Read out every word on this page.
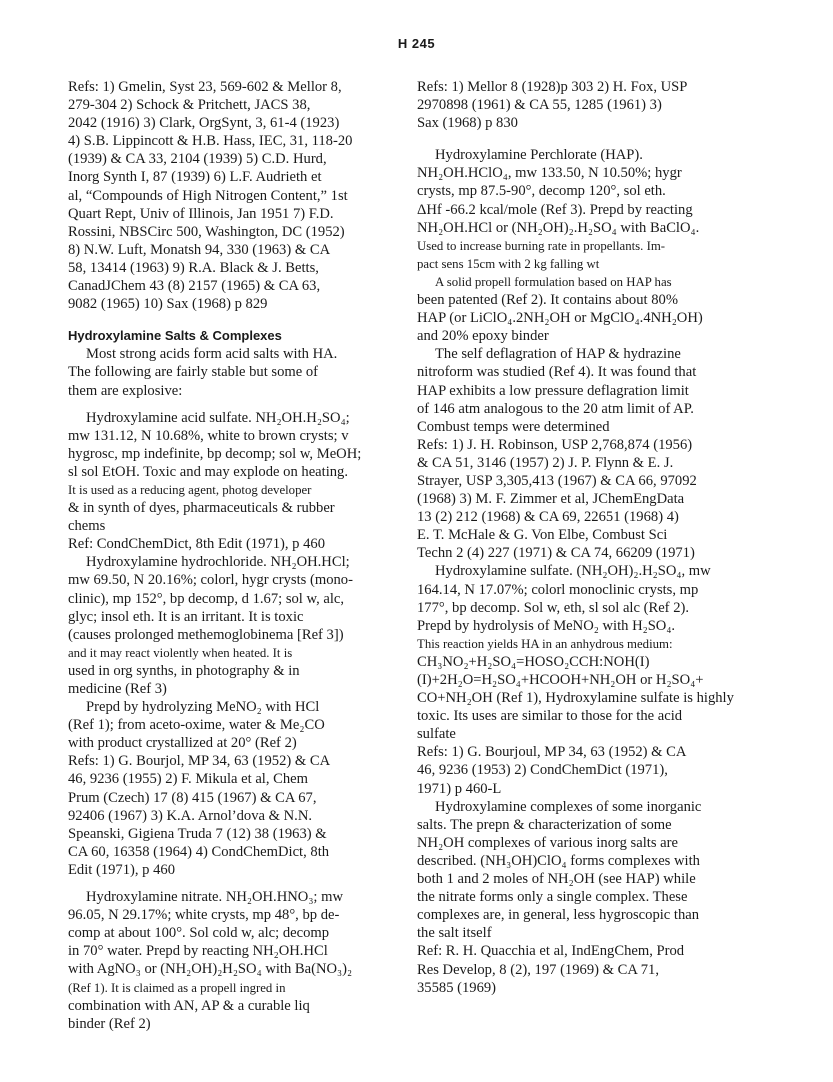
H 245
Refs: 1) Gmelin, Syst 23, 569-602 & Mellor 8,
279-304 2) Schock & Pritchett, JACS 38,
2042 (1916) 3) Clark, OrgSynt, 3, 61-4 (1923)
4) S.B. Lippincott & H.B. Hass, IEC, 31, 118-20
(1939) & CA 33, 2104 (1939) 5) C.D. Hurd,
Inorg Synth I, 87 (1939) 6) L.F. Audrieth et
al, “Compounds of High Nitrogen Content,” 1st
Quart Rept, Univ of Illinois, Jan 1951 7) F.D.
Rossini, NBSCirc 500, Washington, DC (1952)
8) N.W. Luft, Monatsh 94, 330 (1963) & CA
58, 13414 (1963) 9) R.A. Black & J. Betts,
CanadJChem 43 (8) 2157 (1965) & CA 63,
9082 (1965) 10) Sax (1968) p 829
Hydroxylamine Salts & Complexes
Most strong acids form acid salts with HA.
The following are fairly stable but some of
them are explosive:
Hydroxylamine acid sulfate. NH₂OH.H₂SO₄;
mw 131.12, N 10.68%, white to brown crysts; v
hygrosc, mp indefinite, bp decomp; sol w, MeOH;
sl sol EtOH. Toxic and may explode on heating.
It is used as a reducing agent, photog developer
& in synth of dyes, pharmaceuticals & rubber
chems
Ref: CondChemDict, 8th Edit (1971), p 460
Hydroxylamine hydrochloride. NH₂OH.HCl;
mw 69.50, N 20.16%; colorl, hygr crysts (mono-
clinic), mp 152°, bp decomp, d 1.67; sol w, alc,
glyc; insol eth. It is an irritant. It is toxic
(causes prolonged methemoglobinema [Ref 3])
and it may react violently when heated. It is
used in org synths, in photography & in
medicine (Ref 3)
Prepd by hydrolyzing MeNO₂ with HCl
(Ref 1); from aceto-oxime, water & Me₂CO
with product crystallized at 20° (Ref 2)
Refs: 1) G. Bourjol, MP 34, 63 (1952) & CA
46, 9236 (1955) 2) F. Mikula et al, Chem
Prum (Czech) 17 (8) 415 (1967) & CA 67,
92406 (1967) 3) K.A. Arnol’dova & N.N.
Speanski, Gigiena Truda 7 (12) 38 (1963) &
CA 60, 16358 (1964) 4) CondChemDict, 8th
Edit (1971), p 460
Hydroxylamine nitrate. NH₂OH.HNO₃; mw
96.05, N 29.17%; white crysts, mp 48°, bp de-
comp at about 100°. Sol cold w, alc; decomp
in 70° water. Prepd by reacting NH₂OH.HCl
with AgNO₃ or (NH₂OH)₂H₂SO₄ with Ba(NO₃)₂
(Ref 1). It is claimed as a propell ingred in
combination with AN, AP & a curable liq
binder (Ref 2)
Refs: 1) Mellor 8 (1928)p 303 2) H. Fox, USP
2970898 (1961) & CA 55, 1285 (1961) 3)
Sax (1968) p 830
Hydroxylamine Perchlorate (HAP).
NH₂OH.HClO₄, mw 133.50, N 10.50%; hygr
crysts, mp 87.5-90°, decomp 120°, sol eth.
ΔHf -66.2 kcal/mole (Ref 3). Prepd by reacting
NH₂OH.HCl or (NH₂OH)₂.H₂SO₄ with BaClO₄.
Used to increase burning rate in propellants. Im-
pact sens 15cm with 2 kg falling wt
A solid propell formulation based on HAP has
been patented (Ref 2). It contains about 80%
HAP (or LiClO₄.2NH₂OH or MgClO₄.4NH₂OH)
and 20% epoxy binder
The self deflagration of HAP & hydrazine
nitroform was studied (Ref 4). It was found that
HAP exhibits a low pressure deflagration limit
of 146 atm analogous to the 20 atm limit of AP.
Combust temps were determined
Refs: 1) J. H. Robinson, USP 2,768,874 (1956)
& CA 51, 3146 (1957) 2) J. P. Flynn & E. J.
Strayer, USP 3,305,413 (1967) & CA 66, 97092
(1968) 3) M. F. Zimmer et al, JChemEngData
13 (2) 212 (1968) & CA 69, 22651 (1968) 4)
E. T. McHale & G. Von Elbe, Combust Sci
Techn 2 (4) 227 (1971) & CA 74, 66209 (1971)
Hydroxylamine sulfate. (NH₂OH)₂.H₂SO₄, mw
164.14, N 17.07%; colorl monoclinic crysts, mp
177°, bp decomp. Sol w, eth, sl sol alc (Ref 2).
Prepd by hydrolysis of MeNO₂ with H₂SO₄.
This reaction yields HA in an anhydrous medium:
CH₃NO₂+H₂SO₄=HOSO₂CCH:NOH(I)
(I)+2H₂O=H₂SO₄+HCOOH+NH₂OH or H₂SO₄+
CO+NH₂OH (Ref 1), Hydroxylamine sulfate is highly
toxic. Its uses are similar to those for the acid
sulfate
Refs: 1) G. Bourjoul, MP 34, 63 (1952) & CA
46, 9236 (1953) 2) CondChemDict (1971),
1971) p 460-L
Hydroxylamine complexes of some inorganic
salts. The prepn & characterization of some
NH₂OH complexes of various inorg salts are
described. (NH₃OH)ClO₄ forms complexes with
both 1 and 2 moles of NH₂OH (see HAP) while
the nitrate forms only a single complex. These
complexes are, in general, less hygroscopic than
the salt itself
Ref: R. H. Quacchia et al, IndEngChem, Prod
Res Develop, 8 (2), 197 (1969) & CA 71,
35585 (1969)
